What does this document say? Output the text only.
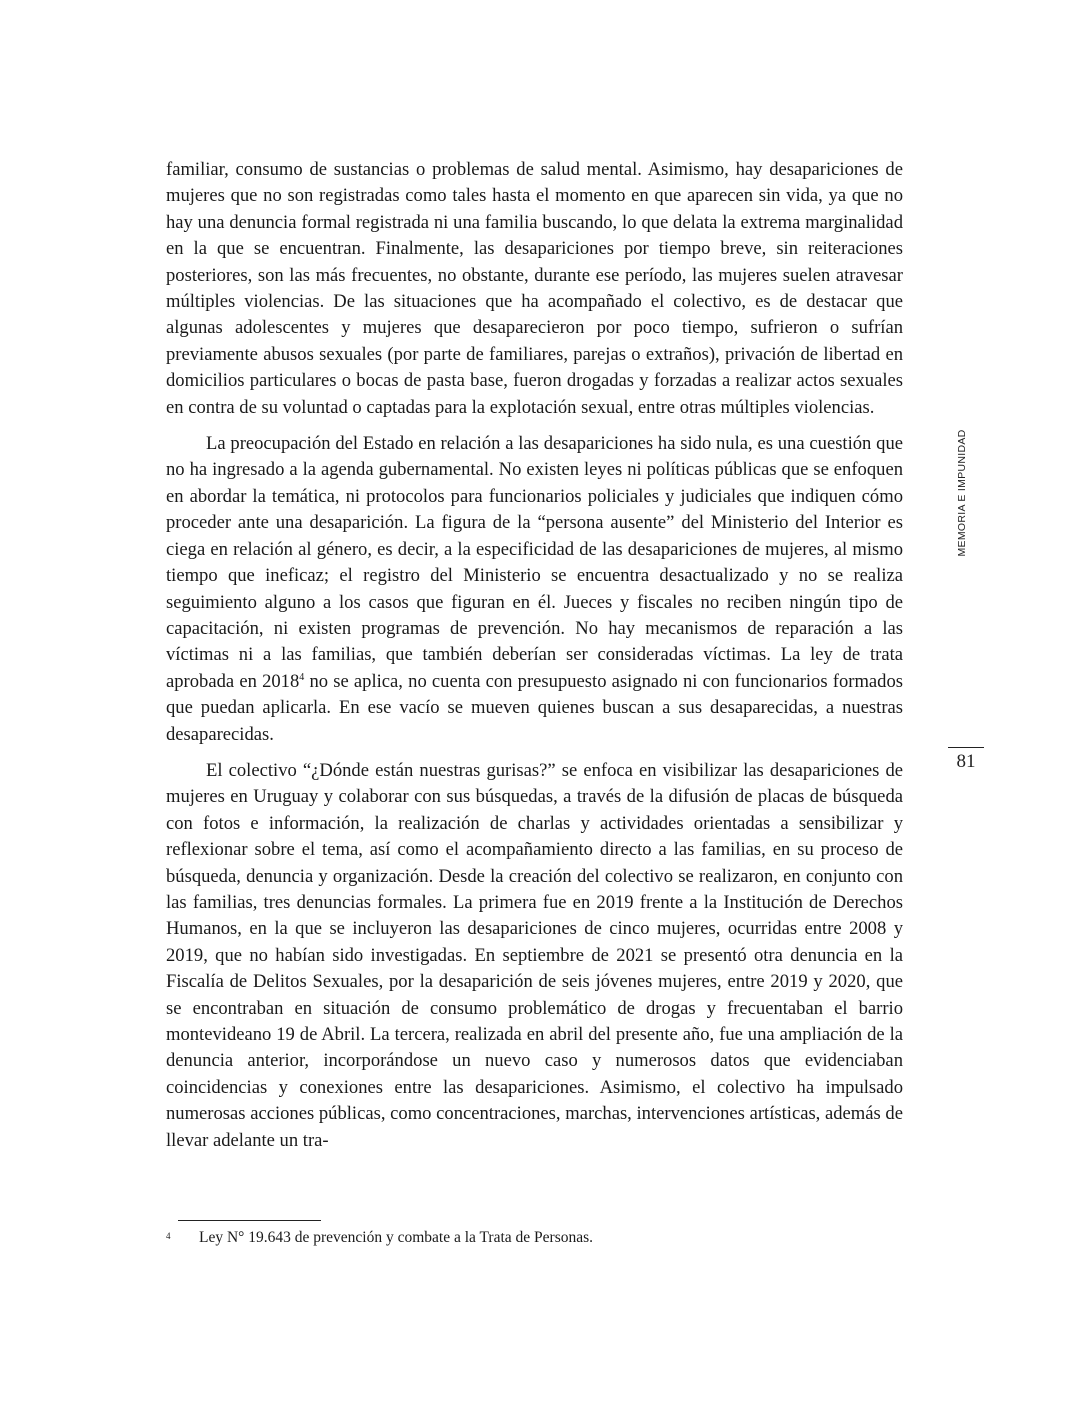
familiar, consumo de sustancias o problemas de salud mental. Asimismo, hay desapariciones de mujeres que no son registradas como tales hasta el momento en que aparecen sin vida, ya que no hay una denuncia formal registrada ni una familia buscando, lo que delata la extrema marginalidad en la que se encuentran. Finalmente, las desapariciones por tiempo breve, sin reiteraciones posteriores, son las más frecuentes, no obstante, durante ese período, las mujeres suelen atravesar múltiples violencias. De las situaciones que ha acompañado el colectivo, es de destacar que algunas adolescentes y mujeres que desaparecieron por poco tiempo, sufrieron o sufrían previamente abusos sexuales (por parte de familiares, parejas o extraños), privación de libertad en domicilios particulares o bocas de pasta base, fueron drogadas y forzadas a realizar actos sexuales en contra de su voluntad o captadas para la explotación sexual, entre otras múltiples violencias.

La preocupación del Estado en relación a las desapariciones ha sido nula, es una cuestión que no ha ingresado a la agenda gubernamental. No existen leyes ni políticas públicas que se enfoquen en abordar la temática, ni protocolos para funcionarios policiales y judiciales que indiquen cómo proceder ante una desaparición. La figura de la “persona ausente” del Ministerio del Interior es ciega en relación al género, es decir, a la especificidad de las desapariciones de mujeres, al mismo tiempo que ineficaz; el registro del Ministerio se encuentra desactualizado y no se realiza seguimiento alguno a los casos que figuran en él. Jueces y fiscales no reciben ningún tipo de capacitación, ni existen programas de prevención. No hay mecanismos de reparación a las víctimas ni a las familias, que también deberían ser consideradas víctimas. La ley de trata aprobada en 2018$^4$ no se aplica, no cuenta con presupuesto asignado ni con funcionarios formados que puedan aplicarla. En ese vacío se mueven quienes buscan a sus desaparecidas, a nuestras desaparecidas.

El colectivo “¿Dónde están nuestras gurisas?” se enfoca en visibilizar las desapariciones de mujeres en Uruguay y colaborar con sus búsquedas, a través de la difusión de placas de búsqueda con fotos e información, la realización de charlas y actividades orientadas a sensibilizar y reflexionar sobre el tema, así como el acompañamiento directo a las familias, en su proceso de búsqueda, denuncia y organización. Desde la creación del colectivo se realizaron, en conjunto con las familias, tres denuncias formales. La primera fue en 2019 frente a la Institución de Derechos Humanos, en la que se incluyeron las desapariciones de cinco mujeres, ocurridas entre 2008 y 2019, que no habían sido investigadas. En septiembre de 2021 se presentó otra denuncia en la Fiscalía de Delitos Sexuales, por la desaparición de seis jóvenes mujeres, entre 2019 y 2020, que se encontraban en situación de consumo problemático de drogas y frecuentaban el barrio montevideano 19 de Abril. La tercera, realizada en abril del presente año, fue una ampliación de la denuncia anterior, incorporándose un nuevo caso y numerosos datos que evidenciaban coincidencias y conexiones entre las desapariciones. Asimismo, el colectivo ha impulsado numerosas acciones públicas, como concentraciones, marchas, intervenciones artísticas, además de llevar adelante un tra-

MEMORIA E IMPUNIDAD
81
4 Ley N° 19.643 de prevención y combate a la Trata de Personas.
